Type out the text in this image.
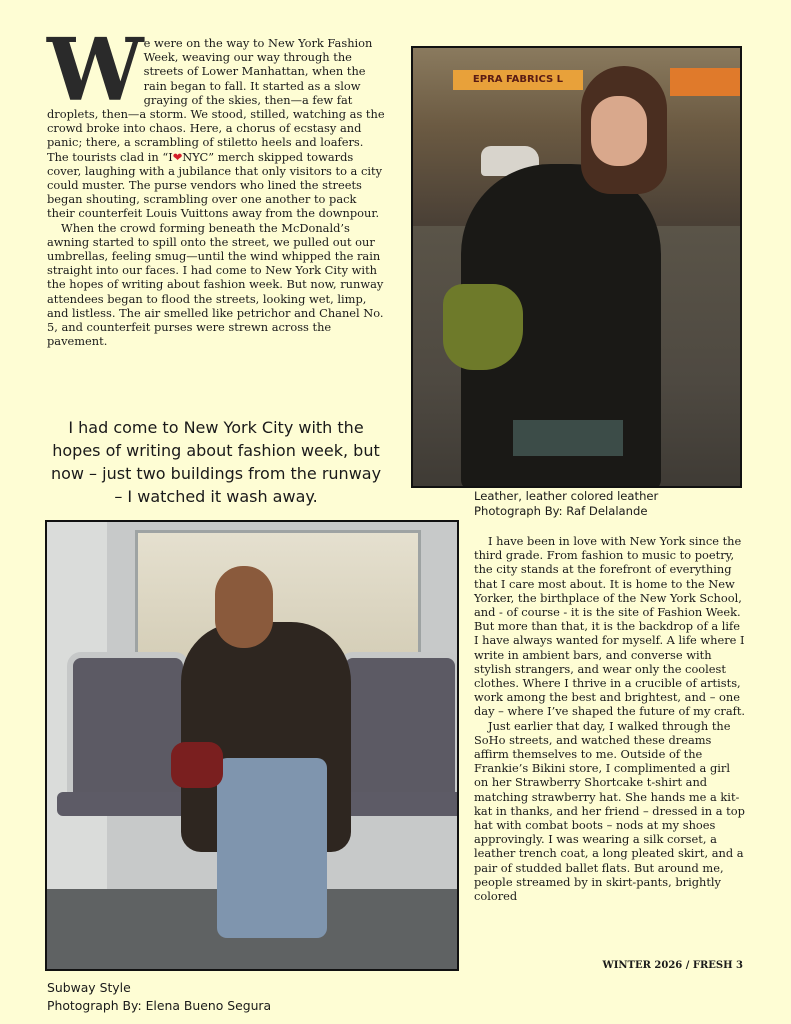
W e were on the way to New York Fashion Week, weaving our way through the streets of Lower Manhattan, when the rain began to fall. It started as a slow graying of the skies, then—a few fat droplets, then—a storm. We stood, stilled, watching as the crowd broke into chaos. Here, a chorus of ecstasy and panic; there, a scrambling of stiletto heels and loafers. The tourists clad in “I❤NYC” merch skipped towards cover, laughing with a jubilance that only visitors to a city could muster. The purse vendors who lined the streets began shouting, scrambling over one another to pack their counterfeit Louis Vuittons away from the downpour.

When the crowd forming beneath the McDonald’s awning started to spill onto the street, we pulled out our umbrellas, feeling smug—until the wind whipped the rain straight into our faces. I had come to New York City with the hopes of writing about fashion week. But now, runway attendees began to flood the streets, looking wet, limp, and listless. The air smelled like petrichor and Chanel No. 5, and counterfeit purses were strewn across the pavement.

I had come to New York City with the hopes of writing about fashion week, but now – just two buildings from the runway – I watched it wash away.
EPRA FABRICS L
Leather, leather colored leather
Photograph By: Raf Delalande
Subway Style
Photograph By: Elena Bueno Segura

I have been in love with New York since the third grade. From fashion to music to poetry, the city stands at the forefront of everything that I care most about. It is home to the New Yorker, the birthplace of the New York School, and - of course - it is the site of Fashion Week. But more than that, it is the backdrop of a life I have always wanted for myself. A life where I write in ambient bars, and converse with stylish strangers, and wear only the coolest clothes. Where I thrive in a crucible of artists, work among the best and brightest, and – one day – where I’ve shaped the future of my craft.

Just earlier that day, I walked through the SoHo streets, and watched these dreams affirm themselves to me. Outside of the Frankie’s Bikini store, I complimented a girl on her Strawberry Shortcake t-shirt and matching strawberry hat. She hands me a kit-kat in thanks, and her friend – dressed in a top hat with combat boots – nods at my shoes approvingly. I was wearing a silk corset, a leather trench coat, a long pleated skirt, and a pair of studded ballet flats. But around me, people streamed by in skirt-pants, brightly colored

WINTER 2026 / FRESH 3
